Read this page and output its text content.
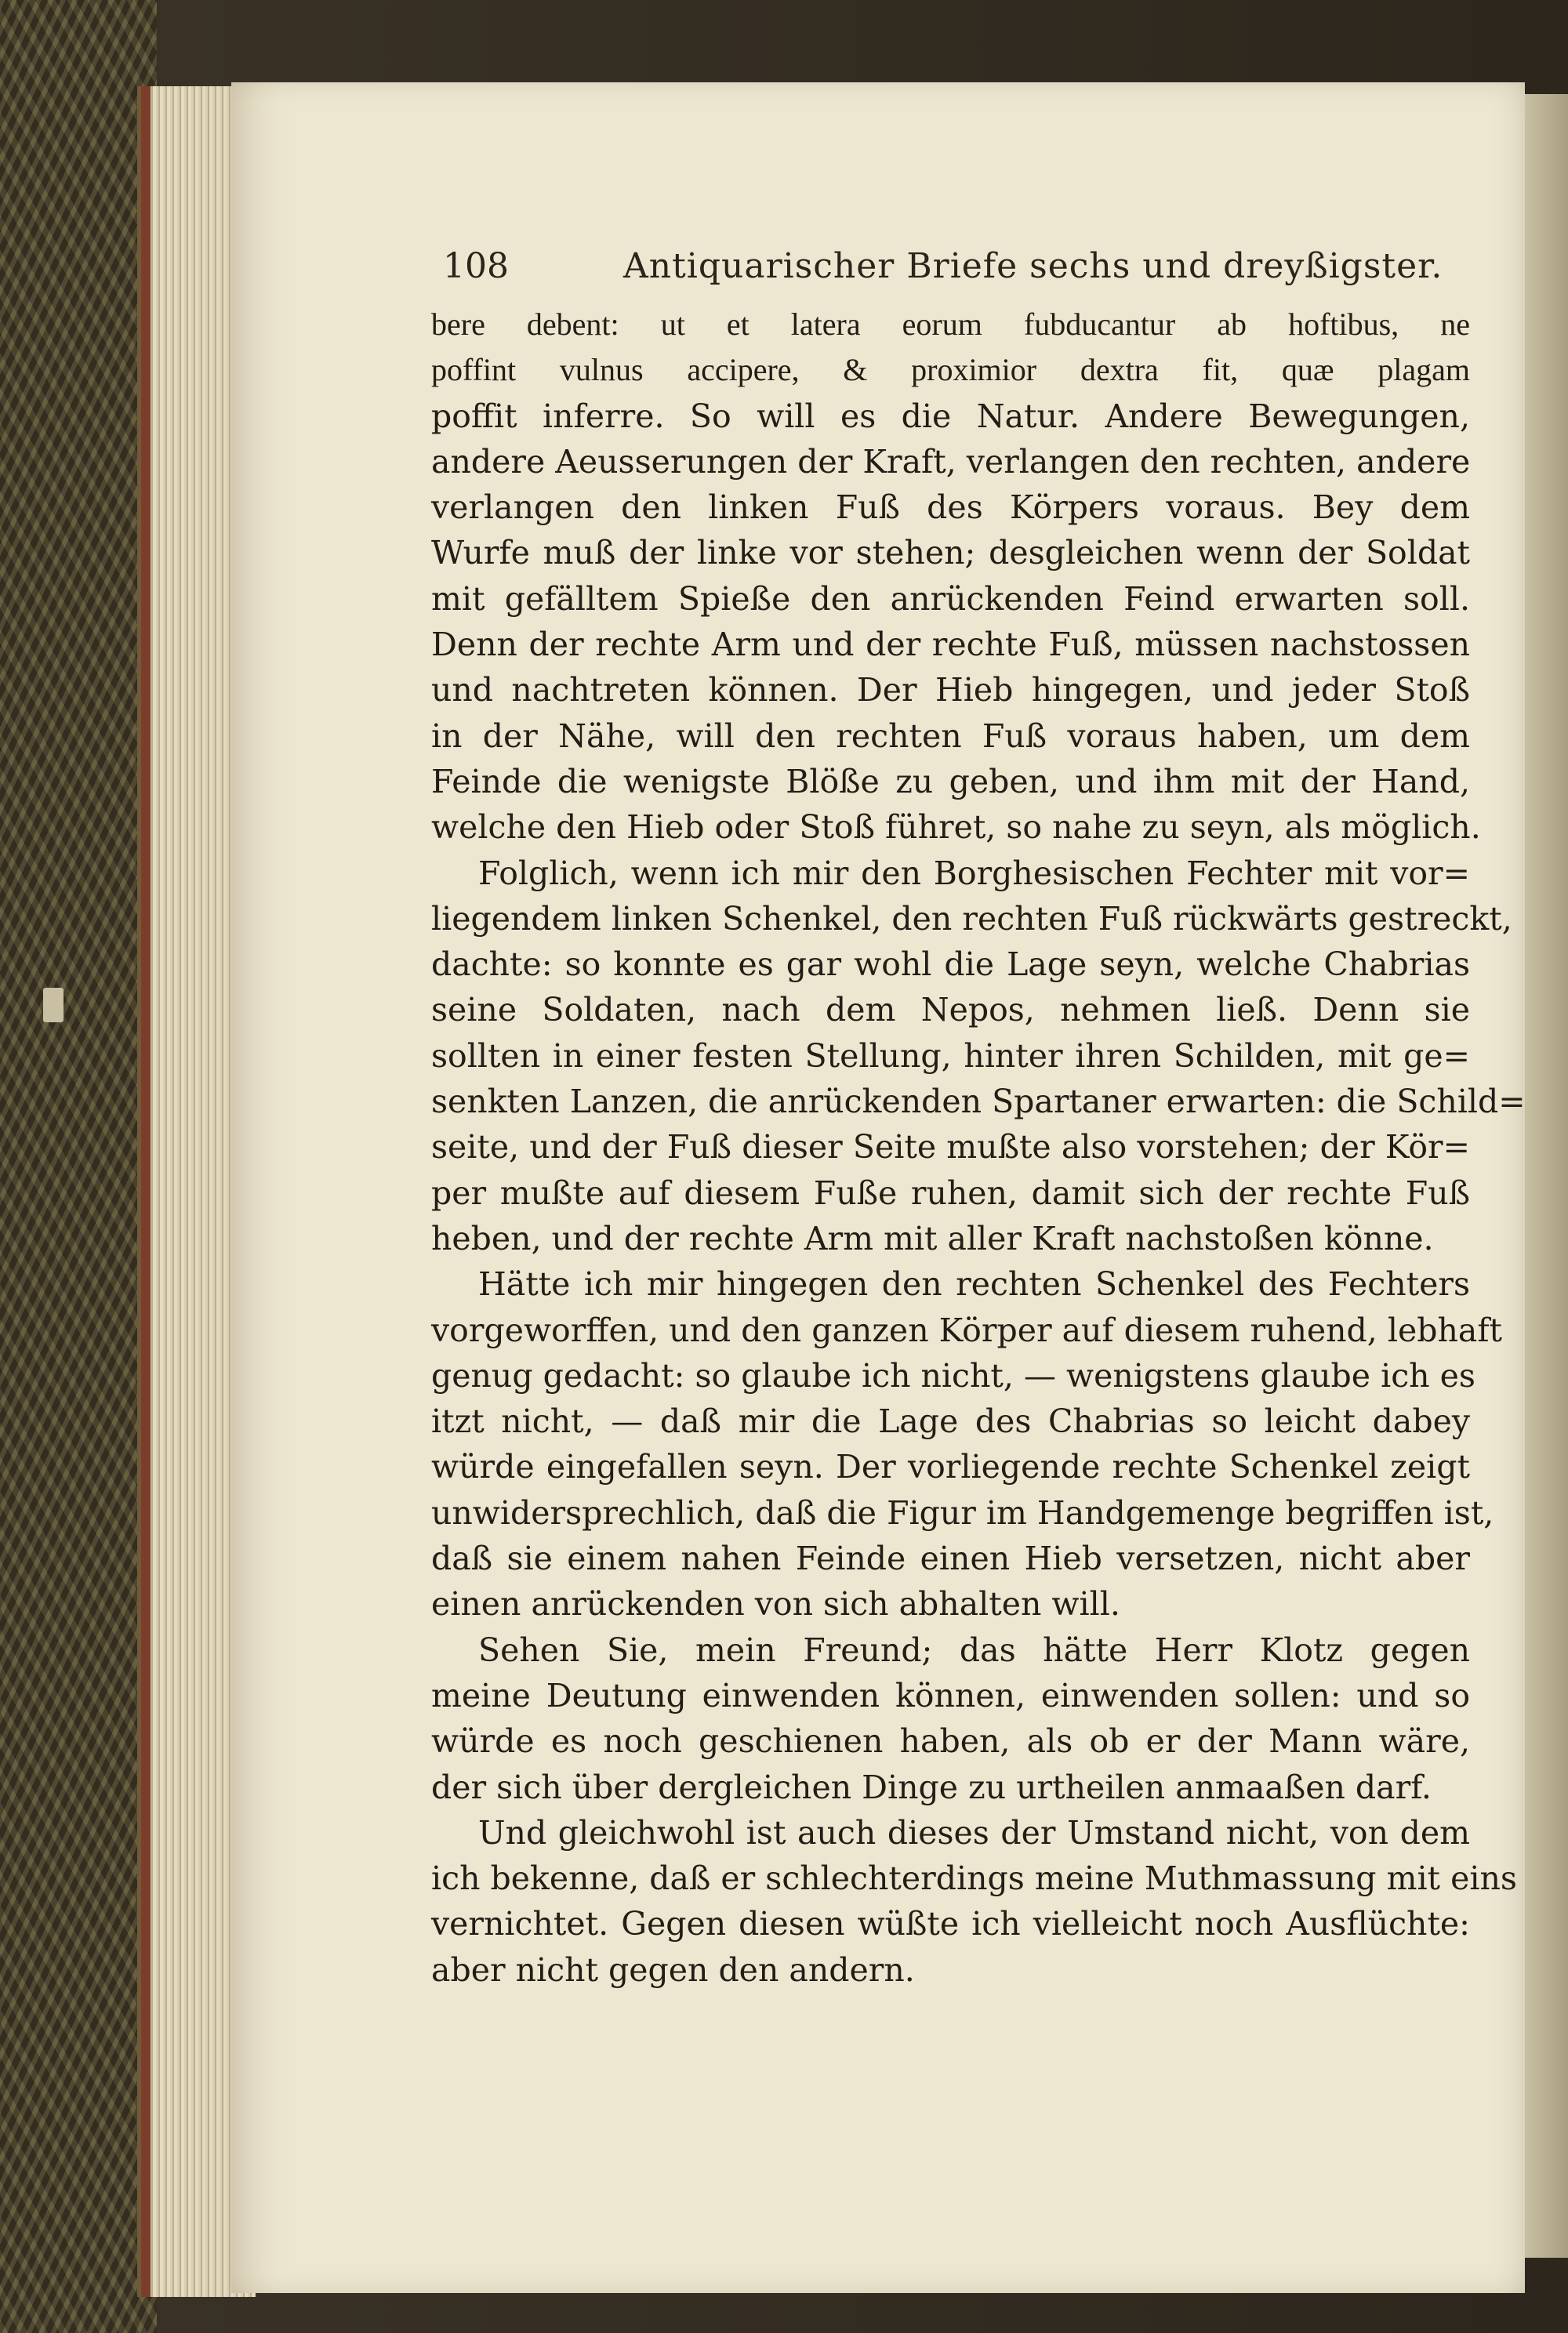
108	Antiquarischer Briefe sechs und dreyßigster.
bere debent: ut et latera eorum fubducantur ab hoftibus, ne
poffint vulnus accipere, & proximior dextra fit, quæ plagam
poffit inferre. So will es die Natur. Andere Bewegungen,
andere Aeusserungen der Kraft, verlangen den rechten, andere
verlangen den linken Fuß des Körpers voraus. Bey dem
Wurfe muß der linke vor stehen; desgleichen wenn der Soldat
mit gefälltem Spieße den anrückenden Feind erwarten soll.
Denn der rechte Arm und der rechte Fuß, müssen nachstossen
und nachtreten können. Der Hieb hingegen, und jeder Stoß
in der Nähe, will den rechten Fuß voraus haben, um dem
Feinde die wenigste Blöße zu geben, und ihm mit der Hand,
welche den Hieb oder Stoß führet, so nahe zu seyn, als möglich.
Folglich, wenn ich mir den Borghesischen Fechter mit vor=
liegendem linken Schenkel, den rechten Fuß rückwärts gestreckt,
dachte: so konnte es gar wohl die Lage seyn, welche Chabrias
seine Soldaten, nach dem Nepos, nehmen ließ. Denn sie
sollten in einer festen Stellung, hinter ihren Schilden, mit ge=
senkten Lanzen, die anrückenden Spartaner erwarten: die Schild=
seite, und der Fuß dieser Seite mußte also vorstehen; der Kör=
per mußte auf diesem Fuße ruhen, damit sich der rechte Fuß
heben, und der rechte Arm mit aller Kraft nachstoßen könne.
Hätte ich mir hingegen den rechten Schenkel des Fechters
vorgeworffen, und den ganzen Körper auf diesem ruhend, lebhaft
genug gedacht: so glaube ich nicht, — wenigstens glaube ich es
itzt nicht, — daß mir die Lage des Chabrias so leicht dabey
würde eingefallen seyn. Der vorliegende rechte Schenkel zeigt
unwidersprechlich, daß die Figur im Handgemenge begriffen ist,
daß sie einem nahen Feinde einen Hieb versetzen, nicht aber
einen anrückenden von sich abhalten will.
Sehen Sie, mein Freund; das hätte Herr Klotz gegen
meine Deutung einwenden können, einwenden sollen: und so
würde es noch geschienen haben, als ob er der Mann wäre,
der sich über dergleichen Dinge zu urtheilen anmaaßen darf.
Und gleichwohl ist auch dieses der Umstand nicht, von dem
ich bekenne, daß er schlechterdings meine Muthmassung mit eins
vernichtet. Gegen diesen wüßte ich vielleicht noch Ausflüchte:
aber nicht gegen den andern.
